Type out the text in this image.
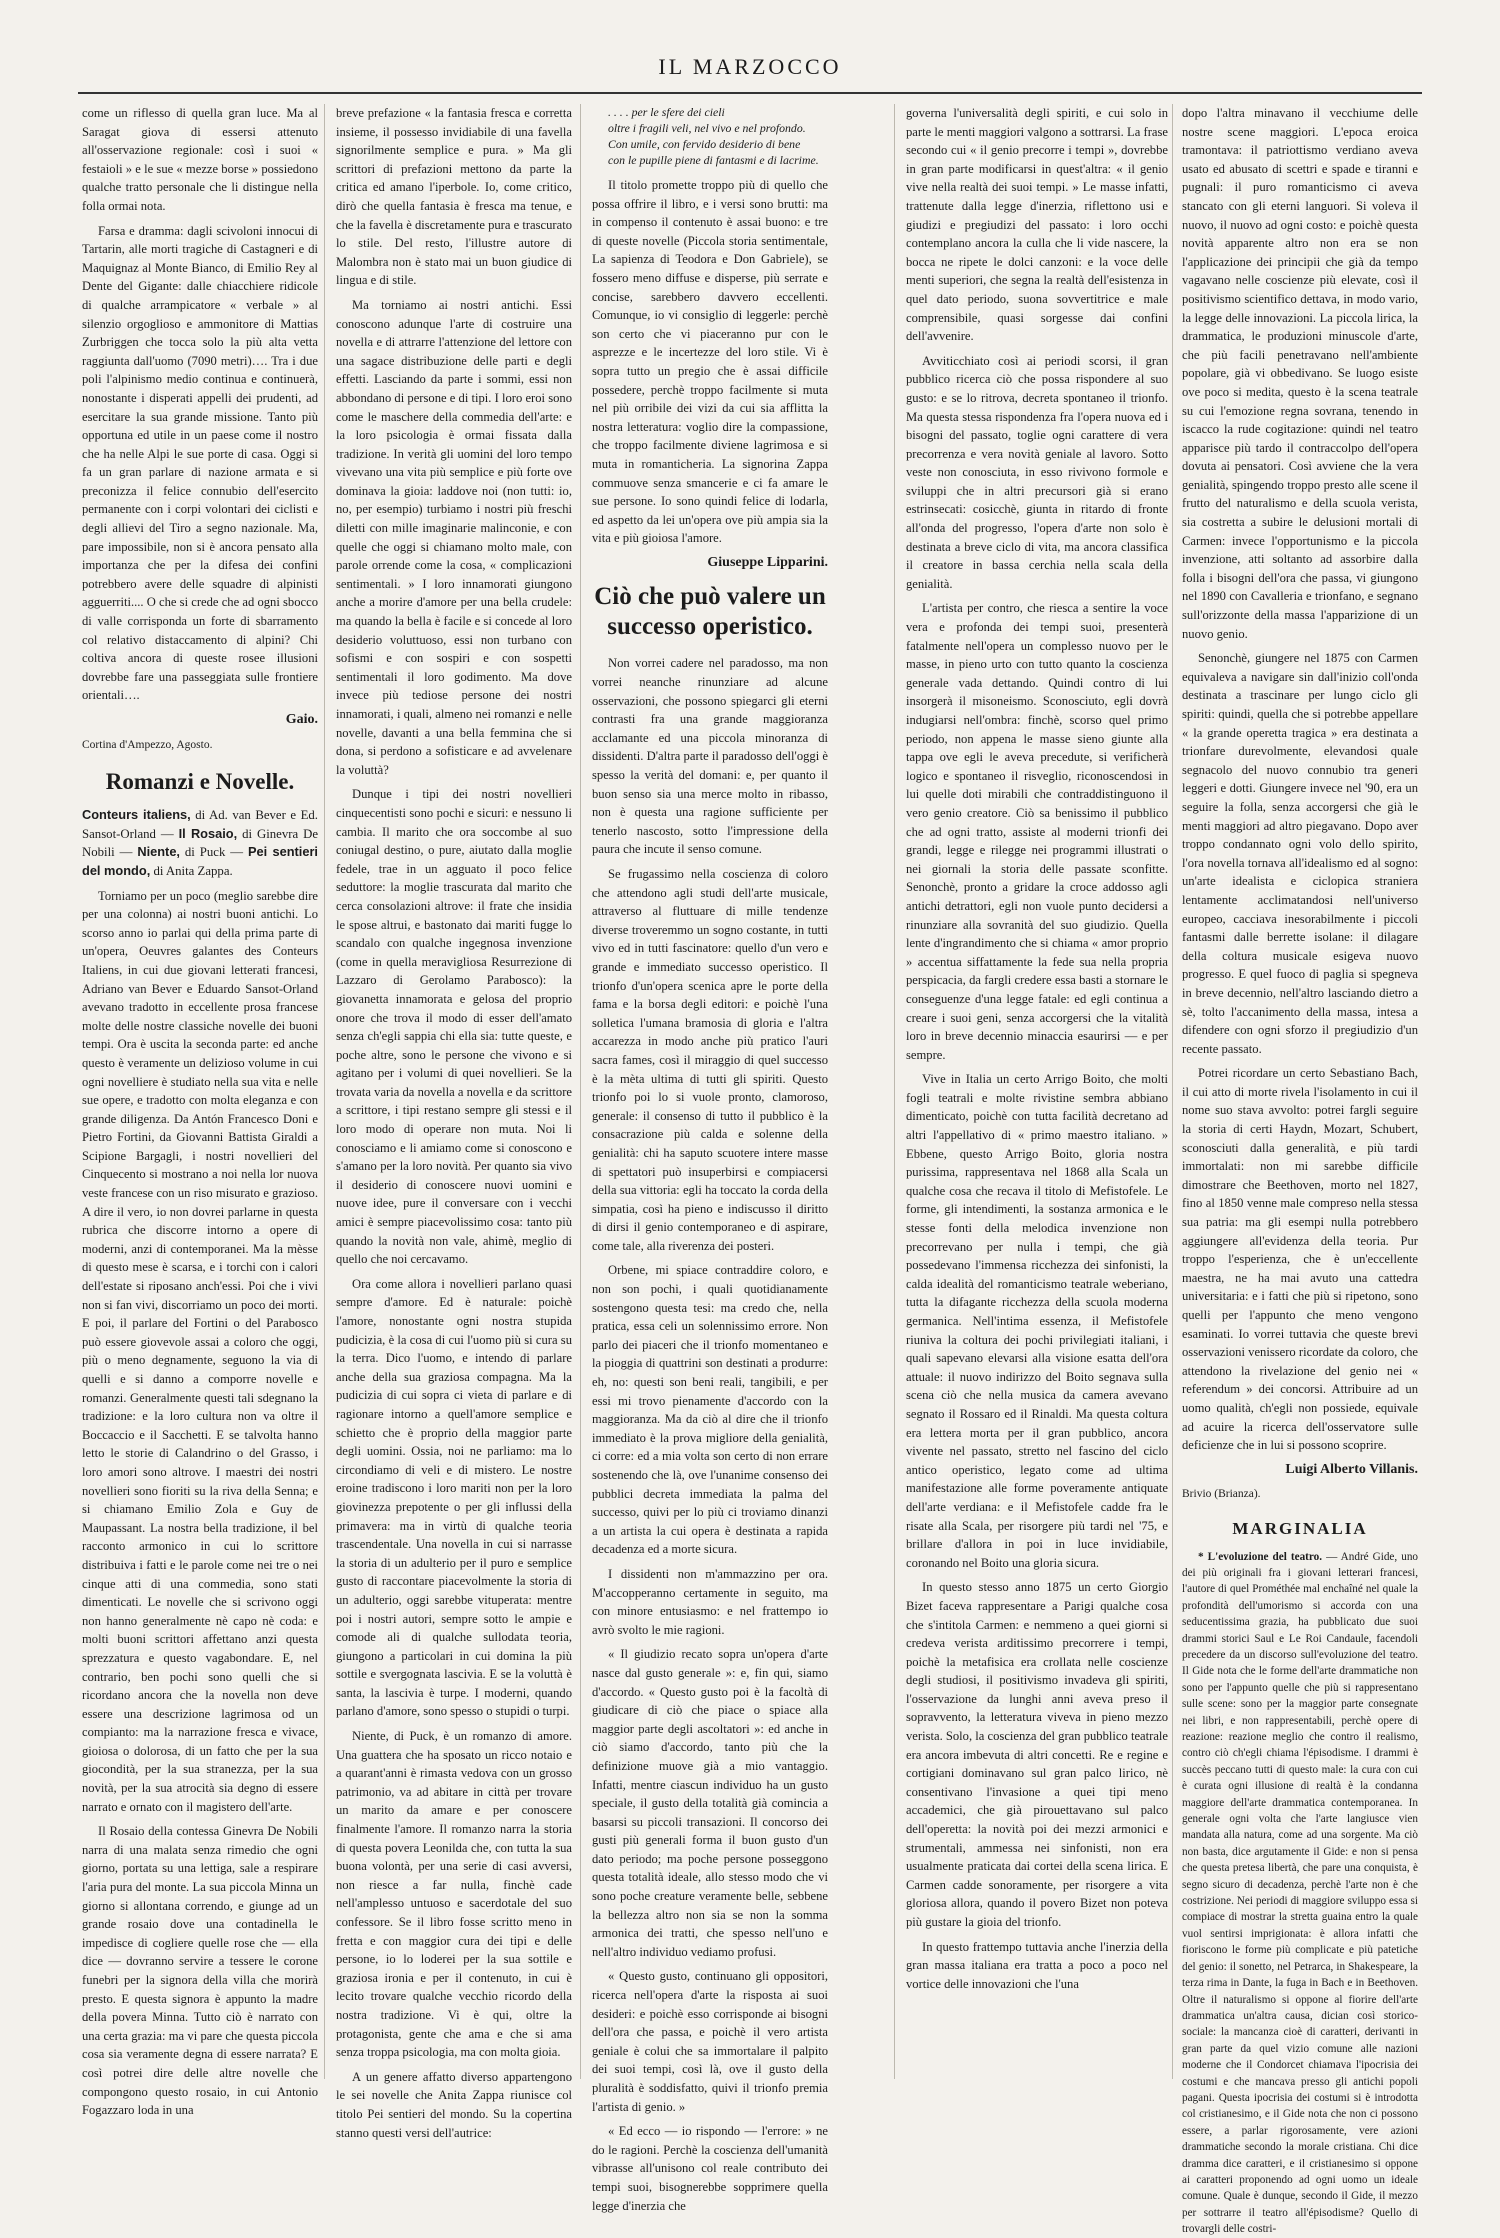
IL MARZOCCO

come un riflesso di quella gran luce. Ma al Saragat giova di essersi attenuto all'osservazione regionale: così i suoi « festaioli » e le sue « mezze borse » possiedono qualche tratto personale che li distingue nella folla ormai nota.

Farsa e dramma: dagli scivoloni innocui di Tartarin, alle morti tragiche di Castagneri e di Maquignaz al Monte Bianco, di Emilio Rey al Dente del Gigante: dalle chiacchiere ridicole di qualche arrampicatore « verbale » al silenzio orgoglioso e ammonitore di Mattias Zurbriggen che tocca solo la più alta vetta raggiunta dall'uomo (7090 metri)…. Tra i due poli l'alpinismo medio continua e continuerà, nonostante i disperati appelli dei prudenti, ad esercitare la sua grande missione. Tanto più opportuna ed utile in un paese come il nostro che ha nelle Alpi le sue porte di casa. Oggi si fa un gran parlare di nazione armata e si preconizza il felice connubio dell'esercito permanente con i corpi volontari dei ciclisti e degli allievi del Tiro a segno nazionale. Ma, pare impossibile, non si è ancora pensato alla importanza che per la difesa dei confini potrebbero avere delle squadre di alpinisti agguerriti.... O che si crede che ad ogni sbocco di valle corrisponda un forte di sbarramento col relativo distaccamento di alpini? Chi coltiva ancora di queste rosee illusioni dovrebbe fare una passeggiata sulle frontiere orientali….

Gaio.
Cortina d'Ampezzo, Agosto.
Romanzi e Novelle.

Conteurs italiens, di Ad. van Bever e Ed. Sansot-Orland — Il Rosaio, di Ginevra De Nobili — Niente, di Puck — Pei sentieri del mondo, di Anita Zappa.

Torniamo per un poco (meglio sarebbe dire per una colonna) ai nostri buoni antichi. Lo scorso anno io parlai qui della prima parte di un'opera, Oeuvres galantes des Conteurs Italiens, in cui due giovani letterati francesi, Adriano van Bever e Eduardo Sansot-Orland avevano tradotto in eccellente prosa francese molte delle nostre classiche novelle dei buoni tempi. Ora è uscita la seconda parte: ed anche questo è veramente un delizioso volume in cui ogni novelliere è studiato nella sua vita e nelle sue opere, e tradotto con molta eleganza e con grande diligenza. Da Antón Francesco Doni e Pietro Fortini, da Giovanni Battista Giraldi a Scipione Bargagli, i nostri novellieri del Cinquecento si mostrano a noi nella lor nuova veste francese con un riso misurato e grazioso. A dire il vero, io non dovrei parlarne in questa rubrica che discorre intorno a opere di moderni, anzi di contemporanei. Ma la mèsse di questo mese è scarsa, e i torchi con i calori dell'estate si riposano anch'essi. Poi che i vivi non si fan vivi, discorriamo un poco dei morti. E poi, il parlare del Fortini o del Parabosco può essere giovevole assai a coloro che oggi, più o meno degnamente, seguono la via di quelli e si danno a comporre novelle e romanzi. Generalmente questi tali sdegnano la tradizione: e la loro cultura non va oltre il Boccaccio e il Sacchetti. E se talvolta hanno letto le storie di Calandrino o del Grasso, i loro amori sono altrove. I maestri dei nostri novellieri sono fioriti su la riva della Senna; e si chiamano Emilio Zola e Guy de Maupassant. La nostra bella tradizione, il bel racconto armonico in cui lo scrittore distribuiva i fatti e le parole come nei tre o nei cinque atti di una commedia, sono stati dimenticati. Le novelle che si scrivono oggi non hanno generalmente nè capo nè coda: e molti buoni scrittori affettano anzi questa sprezzatura e questo vagabondare. E, nel contrario, ben pochi sono quelli che si ricordano ancora che la novella non deve essere una descrizione lagrimosa od un compianto: ma la narrazione fresca e vivace, gioiosa o dolorosa, di un fatto che per la sua giocondità, per la sua stranezza, per la sua novità, per la sua atrocità sia degno di essere narrato e ornato con il magistero dell'arte.

Il Rosaio della contessa Ginevra De Nobili narra di una malata senza rimedio che ogni giorno, portata su una lettiga, sale a respirare l'aria pura del monte. La sua piccola Minna un giorno si allontana correndo, e giunge ad un grande rosaio dove una contadinella le impedisce di cogliere quelle rose che — ella dice — dovranno servire a tessere le corone funebri per la signora della villa che morirà presto. E questa signora è appunto la madre della povera Minna. Tutto ciò è narrato con una certa grazia: ma vi pare che questa piccola cosa sia veramente degna di essere narrata? E così potrei dire delle altre novelle che compongono questo rosaio, in cui Antonio Fogazzaro loda in una

breve prefazione « la fantasia fresca e corretta insieme, il possesso invidiabile di una favella signorilmente semplice e pura. » Ma gli scrittori di prefazioni mettono da parte la critica ed amano l'iperbole. Io, come critico, dirò che quella fantasia è fresca ma tenue, e che la favella è discretamente pura e trascurato lo stile. Del resto, l'illustre autore di Malombra non è stato mai un buon giudice di lingua e di stile.

Ma torniamo ai nostri antichi. Essi conoscono adunque l'arte di costruire una novella e di attrarre l'attenzione del lettore con una sagace distribuzione delle parti e degli effetti. Lasciando da parte i sommi, essi non abbondano di persone e di tipi. I loro eroi sono come le maschere della commedia dell'arte: e la loro psicologia è ormai fissata dalla tradizione. In verità gli uomini del loro tempo vivevano una vita più semplice e più forte ove dominava la gioia: laddove noi (non tutti: io, no, per esempio) turbiamo i nostri più freschi diletti con mille imaginarie malinconie, e con quelle che oggi si chiamano molto male, con parole orrende come la cosa, « complicazioni sentimentali. » I loro innamorati giungono anche a morire d'amore per una bella crudele: ma quando la bella è facile e si concede al loro desiderio voluttuoso, essi non turbano con sofismi e con sospiri e con sospetti sentimentali il loro godimento. Ma dove invece più tediose persone dei nostri innamorati, i quali, almeno nei romanzi e nelle novelle, davanti a una bella femmina che si dona, si perdono a sofisticare e ad avvelenare la voluttà?

Dunque i tipi dei nostri novellieri cinquecentisti sono pochi e sicuri: e nessuno li cambia. Il marito che ora soccombe al suo coniugal destino, o pure, aiutato dalla moglie fedele, trae in un agguato il poco felice seduttore: la moglie trascurata dal marito che cerca consolazioni altrove: il frate che insidia le spose altrui, e bastonato dai mariti fugge lo scandalo con qualche ingegnosa invenzione (come in quella meravigliosa Resurrezione di Lazzaro di Gerolamo Parabosco): la giovanetta innamorata e gelosa del proprio onore che trova il modo di esser dell'amato senza ch'egli sappia chi ella sia: tutte queste, e poche altre, sono le persone che vivono e si agitano per i volumi di quei novellieri. Se la trovata varia da novella a novella e da scrittore a scrittore, i tipi restano sempre gli stessi e il loro modo di operare non muta. Noi li conosciamo e li amiamo come si conoscono e s'amano per la loro novità. Per quanto sia vivo il desiderio di conoscere nuovi uomini e nuove idee, pure il conversare con i vecchi amici è sempre piacevolissimo cosa: tanto più quando la novità non vale, ahimè, meglio di quello che noi cercavamo.

Ora come allora i novellieri parlano quasi sempre d'amore. Ed è naturale: poichè l'amore, nonostante ogni nostra stupida pudicizia, è la cosa di cui l'uomo più si cura su la terra. Dico l'uomo, e intendo di parlare anche della sua graziosa compagna. Ma la pudicizia di cui sopra ci vieta di parlare e di ragionare intorno a quell'amore semplice e schietto che è proprio della maggior parte degli uomini. Ossia, noi ne parliamo: ma lo circondiamo di veli e di mistero. Le nostre eroine tradiscono i loro mariti non per la loro giovinezza prepotente o per gli influssi della primavera: ma in virtù di qualche teoria trascendentale. Una novella in cui si narrasse la storia di un adulterio per il puro e semplice gusto di raccontare piacevolmente la storia di un adulterio, oggi sarebbe vituperata: mentre poi i nostri autori, sempre sotto le ampie e comode ali di qualche sullodata teoria, giungono a particolari in cui domina la più sottile e svergognata lascivia. E se la voluttà è santa, la lascivia è turpe. I moderni, quando parlano d'amore, sono spesso o stupidi o turpi.

Niente, di Puck, è un romanzo di amore. Una guattera che ha sposato un ricco notaio e a quarant'anni è rimasta vedova con un grosso patrimonio, va ad abitare in città per trovare un marito da amare e per conoscere finalmente l'amore. Il romanzo narra la storia di questa povera Leonilda che, con tutta la sua buona volontà, per una serie di casi avversi, non riesce a far nulla, finchè cade nell'amplesso untuoso e sacerdotale del suo confessore. Se il libro fosse scritto meno in fretta e con maggior cura dei tipi e delle persone, io lo loderei per la sua sottile e graziosa ironia e per il contenuto, in cui è lecito trovare qualche vecchio ricordo della nostra tradizione. Vi è qui, oltre la protagonista, gente che ama e che si ama senza troppa psicologia, ma con molta gioia.

A un genere affatto diverso appartengono le sei novelle che Anita Zappa riunisce col titolo Pei sentieri del mondo. Su la copertina stanno questi versi dell'autrice:

. . . . per le sfere dei cieli
oltre i fragili veli, nel vivo e nel profondo.
Con umile, con fervido desiderio di bene
con le pupille piene di fantasmi e di lacrime.

Il titolo promette troppo più di quello che possa offrire il libro, e i versi sono brutti: ma in compenso il contenuto è assai buono: e tre di queste novelle (Piccola storia sentimentale, La sapienza di Teodora e Don Gabriele), se fossero meno diffuse e disperse, più serrate e concise, sarebbero davvero eccellenti. Comunque, io vi consiglio di leggerle: perchè son certo che vi piaceranno pur con le asprezze e le incertezze del loro stile. Vi è sopra tutto un pregio che è assai difficile possedere, perchè troppo facilmente si muta nel più orribile dei vizi da cui sia afflitta la nostra letteratura: voglio dire la compassione, che troppo facilmente diviene lagrimosa e si muta in romanticheria. La signorina Zappa commuove senza smancerie e ci fa amare le sue persone. Io sono quindi felice di lodarla, ed aspetto da lei un'opera ove più ampia sia la vita e più gioiosa l'amore.

Giuseppe Lipparini.
Ciò che può valere un successo operistico.

Non vorrei cadere nel paradosso, ma non vorrei neanche rinunziare ad alcune osservazioni, che possono spiegarci gli eterni contrasti fra una grande maggioranza acclamante ed una piccola minoranza di dissidenti. D'altra parte il paradosso dell'oggi è spesso la verità del domani: e, per quanto il buon senso sia una merce molto in ribasso, non è questa una ragione sufficiente per tenerlo nascosto, sotto l'impressione della paura che incute il senso comune.

Se frugassimo nella coscienza di coloro che attendono agli studi dell'arte musicale, attraverso al fluttuare di mille tendenze diverse troveremmo un sogno costante, in tutti vivo ed in tutti fascinatore: quello d'un vero e grande e immediato successo operistico. Il trionfo d'un'opera scenica apre le porte della fama e la borsa degli editori: e poichè l'una solletica l'umana bramosia di gloria e l'altra accarezza in modo anche più pratico l'auri sacra fames, così il miraggio di quel successo è la mèta ultima di tutti gli spiriti. Questo trionfo poi lo si vuole pronto, clamoroso, generale: il consenso di tutto il pubblico è la consacrazione più calda e solenne della genialità: chi ha saputo scuotere intere masse di spettatori può insuperbirsi e compiacersi della sua vittoria: egli ha toccato la corda della simpatia, così ha pieno e indiscusso il diritto di dirsi il genio contemporaneo e di aspirare, come tale, alla riverenza dei posteri.

Orbene, mi spiace contraddire coloro, e non son pochi, i quali quotidianamente sostengono questa tesi: ma credo che, nella pratica, essa celi un solennissimo errore. Non parlo dei piaceri che il trionfo momentaneo e la pioggia di quattrini son destinati a produrre: eh, no: questi son beni reali, tangibili, e per essi mi trovo pienamente d'accordo con la maggioranza. Ma da ciò al dire che il trionfo immediato è la prova migliore della genialità, ci corre: ed a mia volta son certo di non errare sostenendo che là, ove l'unanime consenso dei pubblici decreta immediata la palma del successo, quivi per lo più ci troviamo dinanzi a un artista la cui opera è destinata a rapida decadenza ed a morte sicura.

I dissidenti non m'ammazzino per ora. M'accopperanno certamente in seguito, ma con minore entusiasmo: e nel frattempo io avrò svolto le mie ragioni.

« Il giudizio recato sopra un'opera d'arte nasce dal gusto generale »: e, fin qui, siamo d'accordo. « Questo gusto poi è la facoltà di giudicare di ciò che piace o spiace alla maggior parte degli ascoltatori »: ed anche in ciò siamo d'accordo, tanto più che la definizione muove già a mio vantaggio. Infatti, mentre ciascun individuo ha un gusto speciale, il gusto della totalità già comincia a basarsi su piccoli transazioni. Il concorso dei gusti più generali forma il buon gusto d'un dato periodo; ma poche persone posseggono questa totalità ideale, allo stesso modo che vi sono poche creature veramente belle, sebbene la bellezza altro non sia se non la somma armonica dei tratti, che spesso nell'uno e nell'altro individuo vediamo profusi.

« Questo gusto, continuano gli oppositori, ricerca nell'opera d'arte la risposta ai suoi desideri: e poichè esso corrisponde ai bisogni dell'ora che passa, e poichè il vero artista geniale è colui che sa immortalare il palpito dei suoi tempi, così là, ove il gusto della pluralità è soddisfatto, quivi il trionfo premia l'artista di genio. »

« Ed ecco — io rispondo — l'errore: » ne do le ragioni. Perchè la coscienza dell'umanità vibrasse all'unisono col reale contributo dei tempi suoi, bisognerebbe sopprimere quella legge d'inerzia che

governa l'universalità degli spiriti, e cui solo in parte le menti maggiori valgono a sottrarsi. La frase secondo cui « il genio precorre i tempi », dovrebbe in gran parte modificarsi in quest'altra: « il genio vive nella realtà dei suoi tempi. » Le masse infatti, trattenute dalla legge d'inerzia, riflettono usi e giudizi e pregiudizi del passato: i loro occhi contemplano ancora la culla che li vide nascere, la bocca ne ripete le dolci canzoni: e la voce delle menti superiori, che segna la realtà dell'esistenza in quel dato periodo, suona sovvertitrice e male comprensibile, quasi sorgesse dai confini dell'avvenire.

Avviticchiato così ai periodi scorsi, il gran pubblico ricerca ciò che possa rispondere al suo gusto: e se lo ritrova, decreta spontaneo il trionfo. Ma questa stessa rispondenza fra l'opera nuova ed i bisogni del passato, toglie ogni carattere di vera precorrenza e vera novità geniale al lavoro. Sotto veste non conosciuta, in esso rivivono formole e sviluppi che in altri precursori già si erano estrinsecati: cosicchè, giunta in ritardo di fronte all'onda del progresso, l'opera d'arte non solo è destinata a breve ciclo di vita, ma ancora classifica il creatore in bassa cerchia nella scala della genialità.

L'artista per contro, che riesca a sentire la voce vera e profonda dei tempi suoi, presenterà fatalmente nell'opera un complesso nuovo per le masse, in pieno urto con tutto quanto la coscienza generale vada dettando. Quindi contro di lui insorgerà il misoneismo. Sconosciuto, egli dovrà indugiarsi nell'ombra: finchè, scorso quel primo periodo, non appena le masse sieno giunte alla tappa ove egli le aveva precedute, si verificherà logico e spontaneo il risveglio, riconoscendosi in lui quelle doti mirabili che contraddistinguono il vero genio creatore. Ciò sa benissimo il pubblico che ad ogni tratto, assiste al moderni trionfi dei grandi, legge e rilegge nei programmi illustrati o nei giornali la storia delle passate sconfitte. Senonchè, pronto a gridare la croce addosso agli antichi detrattori, egli non vuole punto decidersi a rinunziare alla sovranità del suo giudizio. Quella lente d'ingrandimento che si chiama « amor proprio » accentua siffattamente la fede sua nella propria perspicacia, da fargli credere essa basti a stornare le conseguenze d'una legge fatale: ed egli continua a creare i suoi geni, senza accorgersi che la vitalità loro in breve decennio minaccia esaurirsi — e per sempre.

Vive in Italia un certo Arrigo Boito, che molti fogli teatrali e molte rivistine sembra abbiano dimenticato, poichè con tutta facilità decretano ad altri l'appellativo di « primo maestro italiano. » Ebbene, questo Arrigo Boito, gloria nostra purissima, rappresentava nel 1868 alla Scala un qualche cosa che recava il titolo di Mefistofele. Le forme, gli intendimenti, la sostanza armonica e le stesse fonti della melodica invenzione non precorrevano per nulla i tempi, che già possedevano l'immensa ricchezza dei sinfonisti, la calda idealità del romanticismo teatrale weberiano, tutta la difagante ricchezza della scuola moderna germanica. Nell'intima essenza, il Mefistofele riuniva la coltura dei pochi privilegiati italiani, i quali sapevano elevarsi alla visione esatta dell'ora attuale: il nuovo indirizzo del Boito segnava sulla scena ciò che nella musica da camera avevano segnato il Rossaro ed il Rinaldi. Ma questa coltura era lettera morta per il gran pubblico, ancora vivente nel passato, stretto nel fascino del ciclo antico operistico, legato come ad ultima manifestazione alle forme poveramente antiquate dell'arte verdiana: e il Mefistofele cadde fra le risate alla Scala, per risorgere più tardi nel '75, e brillare d'allora in poi in luce invidiabile, coronando nel Boito una gloria sicura.

In questo stesso anno 1875 un certo Giorgio Bizet faceva rappresentare a Parigi qualche cosa che s'intitola Carmen: e nemmeno a quei giorni si credeva verista arditissimo precorrere i tempi, poichè la metafisica era crollata nelle coscienze degli studiosi, il positivismo invadeva gli spiriti, l'osservazione da lunghi anni aveva preso il sopravvento, la letteratura viveva in pieno mezzo verista. Solo, la coscienza del gran pubblico teatrale era ancora imbevuta di altri concetti. Re e regine e cortigiani dominavano sul gran palco lirico, nè consentivano l'invasione a quei tipi meno accademici, che già pirouettavano sul palco dell'operetta: la novità poi dei mezzi armonici e strumentali, ammessa nei sinfonisti, non era usualmente praticata dai cortei della scena lirica. E Carmen cadde sonoramente, per risorgere a vita gloriosa allora, quando il povero Bizet non poteva più gustare la gioia del trionfo.

In questo frattempo tuttavia anche l'inerzia della gran massa italiana era tratta a poco a poco nel vortice delle innovazioni che l'una

dopo l'altra minavano il vecchiume delle nostre scene maggiori. L'epoca eroica tramontava: il patriottismo verdiano aveva usato ed abusato di scettri e spade e tiranni e pugnali: il puro romanticismo ci aveva stancato con gli eterni languori. Si voleva il nuovo, il nuovo ad ogni costo: e poichè questa novità apparente altro non era se non l'applicazione dei principii che già da tempo vagavano nelle coscienze più elevate, così il positivismo scientifico dettava, in modo vario, la legge delle innovazioni. La piccola lirica, la drammatica, le produzioni minuscole d'arte, che più facili penetravano nell'ambiente popolare, già vi obbedivano. Se luogo esiste ove poco si medita, questo è la scena teatrale su cui l'emozione regna sovrana, tenendo in iscacco la rude cogitazione: quindi nel teatro apparisce più tardo il contraccolpo dell'opera dovuta ai pensatori. Così avviene che la vera genialità, spingendo troppo presto alle scene il frutto del naturalismo e della scuola verista, sia costretta a subire le delusioni mortali di Carmen: invece l'opportunismo e la piccola invenzione, atti soltanto ad assorbire dalla folla i bisogni dell'ora che passa, vi giungono nel 1890 con Cavalleria e trionfano, e segnano sull'orizzonte della massa l'apparizione di un nuovo genio.

Senonchè, giungere nel 1875 con Carmen equivaleva a navigare sin dall'inizio coll'onda destinata a trascinare per lungo ciclo gli spiriti: quindi, quella che si potrebbe appellare « la grande operetta tragica » era destinata a trionfare durevolmente, elevandosi quale segnacolo del nuovo connubio tra generi leggeri e dotti. Giungere invece nel '90, era un seguire la folla, senza accorgersi che già le menti maggiori ad altro piegavano. Dopo aver troppo condannato ogni volo dello spirito, l'ora novella tornava all'idealismo ed al sogno: un'arte idealista e ciclopica straniera lentamente acclimatandosi nell'universo europeo, cacciava inesorabilmente i piccoli fantasmi dalle berrette isolane: il dilagare della coltura musicale esigeva nuovo progresso. E quel fuoco di paglia si spegneva in breve decennio, nell'altro lasciando dietro a sè, tolto l'accanimento della massa, intesa a difendere con ogni sforzo il pregiudizio d'un recente passato.

Potrei ricordare un certo Sebastiano Bach, il cui atto di morte rivela l'isolamento in cui il nome suo stava avvolto: potrei fargli seguire la storia di certi Haydn, Mozart, Schubert, sconosciuti dalla generalità, e più tardi immortalati: non mi sarebbe difficile dimostrare che Beethoven, morto nel 1827, fino al 1850 venne male compreso nella stessa sua patria: ma gli esempi nulla potrebbero aggiungere all'evidenza della teoria. Pur troppo l'esperienza, che è un'eccellente maestra, ne ha mai avuto una cattedra universitaria: e i fatti che più si ripetono, sono quelli per l'appunto che meno vengono esaminati. Io vorrei tuttavia che queste brevi osservazioni venissero ricordate da coloro, che attendono la rivelazione del genio nei « referendum » dei concorsi. Attribuire ad un uomo qualità, ch'egli non possiede, equivale ad acuire la ricerca dell'osservatore sulle deficienze che in lui si possono scoprire.

Luigi Alberto Villanis.
Brivio (Brianza).
MARGINALIA

* L'evoluzione del teatro. — André Gide, uno dei più originali fra i giovani letterari francesi, l'autore di quel Prométhée mal enchaîné nel quale la profondità dell'umorismo si accorda con una seducentissima grazia, ha pubblicato due suoi drammi storici Saul e Le Roi Candaule, facendoli precedere da un discorso sull'evoluzione del teatro. Il Gide nota che le forme dell'arte drammatiche non sono per l'appunto quelle che più si rappresentano sulle scene: sono per la maggior parte consegnate nei libri, e non rappresentabili, perchè opere di reazione: reazione meglio che contro il realismo, contro ciò ch'egli chiama l'épisodisme. I drammi è succès peccano tutti di questo male: la cura con cui è curata ogni illusione di realtà è la condanna maggiore dell'arte drammatica contemporanea. In generale ogni volta che l'arte langiusce vien mandata alla natura, come ad una sorgente. Ma ciò non basta, dice argutamente il Gide: e non si pensa che questa pretesa libertà, che pare una conquista, è segno sicuro di decadenza, perchè l'arte non è che costrizione. Nei periodi di maggiore sviluppo essa si compiace di mostrar la stretta guaina entro la quale vuol sentirsi imprigionata: è allora infatti che fioriscono le forme più complicate e più patetiche del genio: il sonetto, nel Petrarca, in Shakespeare, la terza rima in Dante, la fuga in Bach e in Beethoven. Oltre il naturalismo si oppone al fiorire dell'arte drammatica un'altra causa, dician così storico-sociale: la mancanza cioè di caratteri, derivanti in gran parte da quel vizio comune alle nazioni moderne che il Condorcet chiamava l'ipocrisia dei costumi e che mancava presso gli antichi popoli pagani. Questa ipocrisia dei costumi si è introdotta col cristianesimo, e il Gide nota che non ci possono essere, a parlar rigorosamente, vere azioni drammatiche secondo la morale cristiana. Chi dice dramma dice caratteri, e il cristianesimo si oppone ai caratteri proponendo ad ogni uomo un ideale comune. Quale è dunque, secondo il Gide, il mezzo per sottrarre il teatro all'épisodisme? Quello di trovargli delle costri-
